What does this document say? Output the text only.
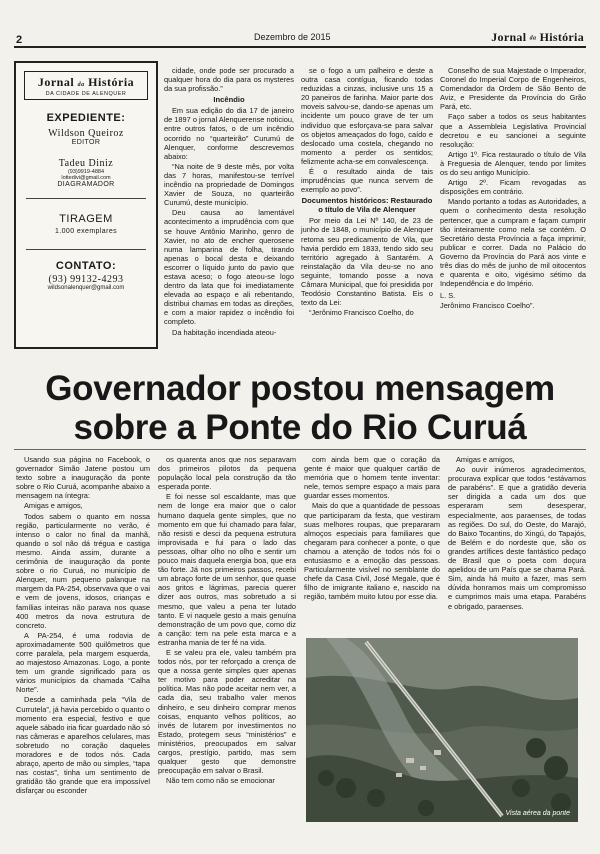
2	Dezembro de 2015	Jornal da História
Jornal da História
DA CIDADE DE ALENQUER
EXPEDIENTE:
Wildson Queiroz
EDITOR
Tadeu Diniz
(93)9919-4884
lottedivi@gmail.com
DIAGRAMADOR
TIRAGEM
1.000 exemplares
CONTATO:
(93) 99132-4293
wildsonalenquer@gmail.com

cidade, onde pode ser procurado a qualquer hora do dia para os mysteres da sua profissão.”

Incêndio

Em sua edição do dia 17 de janeiro de 1897 o jornal Alenquerense noticiou, entre outros fatos, o de um incêndio ocorrido no “quarteirão” Curumú de Alenquer, conforme descrevemos abaixo:

“Na noite de 9 deste mês, por volta das 7 horas, manifestou-se terrível incêndio na propriedade de Domingos Xavier de Souza, no quarteirão Curumú, deste município.

Deu causa ao lamentável acontecimento a imprudência com que se houve Antônio Marinho, genro de Xavier, no ato de encher querosene numa lamparina de folha, tirando apenas o bocal desta e deixando escorrer o líquido junto do pavio que estava aceso; o fogo ateou-se logo dentro da lata que foi imediatamente elevada ao espaço e ali rebentando, distribui chamas em todas as direções, e com a maior rapidez o incêndio foi completo.

Da habitação incendiada ateou-

se o fogo a um palheiro e deste a outra casa contígua, ficando todas reduzidas a cinzas, inclusive uns 15 a 20 paneiros de farinha. Maior parte dos moveis salvou-se, dando-se apenas um incidente um pouco grave de ter um indivíduo que esforçava-se para salvar os objetos ameaçados do fogo, caído e deslocado uma costela, chegando no momento a perder os sentidos; felizmente acha-se em convalescença.

É o resultado ainda de tais imprudências que nunca servem de exemplo ao povo”.

Documentos históricos: Restaurado o título de Vila de Alenquer

Por meio da Lei Nº 140, de 23 de junho de 1848, o município de Alenquer retoma seu predicamento de Vila, que havia perdido em 1833, tendo sido seu território agregado à Santarém. A reinstalação da Vila deu-se no ano seguinte, tomando posse a nova Câmara Municipal, que foi presidida por Teodósio Constantino Batista. Eis o texto da Lei:

“Jerônimo Francisco Coelho, do

Conselho de sua Majestade o Imperador, Coronel do Imperial Corpo de Engenheiros, Comendador da Ordem de São Bento de Aviz, e Presidente da Província do Grão Pará, etc.

Faço saber a todos os seus habitantes que a Assembleia Legislativa Provincial decretou e eu sancionei a seguinte resolução:

Artigo 1º. Fica restaurado o título de Vila à Freguesia de Alenquer, tendo por limites os do seu antigo Município.

Artigo 2º. Ficam revogadas as disposições em contrário.

Mando portanto a todas as Autoridades, a quem o conhecimento desta resolução pertencer, que a cumpram e façam cumprir tão inteiramente como nela se contém. O Secretário desta Província a faça imprimir, publicar e correr. Dada no Palácio do Governo da Província do Pará aos vinte e três dias do mês de junho de mil oitocentos e quarenta e oito, vigésimo sétimo da Independência e do Império.

L. S.

Jerônimo Francisco Coelho”.

Governador postou mensagem
sobre a Ponte do Rio Curuá

Usando sua página no Facebook, o governador Simão Jatene postou um texto sobre a inauguração da ponte sobre o Rio Curuá, acompanhe abaixo a mensagem na íntegra:

Amigas e amigos,

Todos sabem o quanto em nossa região, particularmente no verão, é intenso o calor no final da manhã, quando o sol não dá trégua e castiga mesmo. Ainda assim, durante a cerimônia de inauguração da ponte sobre o rio Curuá, no município de Alenquer, num pequeno palanque na margem da PA-254, observava que o vai e vem de jovens, idosos, crianças e famílias inteiras não parava nos quase 400 metros da nova estrutura de concreto.

A PA-254, é uma rodovia de aproximadamente 500 quilômetros que corre paralela, pela margem esquerda, ao majestoso Amazonas. Logo, a ponte tem um grande significado para os vários municípios da chamada “Calha Norte”.

Desde a caminhada pela “Vila de Currutela”, já havia percebido o quanto o momento era especial, festivo e que aquele sábado iria ficar guardado não só nas câmeras e aparelhos celulares, mas sobretudo no coração daqueles moradores e de todos nós. Cada abraço, aperto de mão ou simples, “tapa nas costas”, tinha um sentimento de gratidão tão grande que era impossível disfarçar ou esconder

os quarenta anos que nos separavam dos primeiros pilotos da pequena população local pela construção da tão esperada ponte.

E foi nesse sol escaldante, mas que nem de longe era maior que o calor humano daquela gente simples, que no momento em que fui chamado para falar, não resisti e desci da pequena estrutura improvisada e fui para o lado das pessoas, olhar olho no olho e sentir um pouco mais daquela energia boa, que era tão forte. Já nos primeiros passos, recebi um abraço forte de um senhor, que quase aos gritos e lágrimas, parecia querer dizer aos outros, mas sobretudo a si mesmo, que valeu a pena ter lutado tanto. E vi naquele gesto a mais genuína demonstração de um povo que, como diz a canção: tem na pele esta marca e a estranha mania de ter fé na vida.

E se valeu pra ele, valeu também pra todos nós, por ter reforçado a crença de que a nossa gente simples quer apenas ter motivo para poder acreditar na política. Mas não pode aceitar nem ver, a cada dia, seu trabalho valer menos dinheiro, e seu dinheiro comprar menos coisas, enquanto velhos políticos, ao invés de lutarem por investimentos no Estado, protegem seus “ministérios” e ministérios, preocupados em salvar cargos, prestígio, partido, mas sem qualquer gesto que demonstre preocupação em salvar o Brasil.

Não tem como não se emocionar

com ainda bem que o coração da gente é maior que qualquer cartão de memória que o homem tente inventar: nele, temos sempre espaço a mais para guardar esses momentos.

Mais do que a quantidade de pessoas que participaram da festa, que vestiram suas melhores roupas, que prepararam almoços especiais para familiares que chegaram para conhecer a ponte, o que chamou a atenção de todos nós foi o entusiasmo e a emoção das pessoas. Particularmente visível no semblante do chefe da Casa Civil, José Megale, que é filho de imigrante italiano e, nascido na região, também muito lutou por esse dia.

Amigas e amigos,

Ao ouvir inúmeros agradecimentos, procurava explicar que todos “estávamos de parabéns”. E que a gratidão deveria ser dirigida a cada um dos que esperaram sem desesperar, especialmente, aos paraenses, de todas as regiões. Do sul, do Oeste, do Marajó, do Baixo Tocantins, do Xingú, do Tapajós, de Belém e do nordeste que, são os grandes artífices deste fantástico pedaço de Brasil que o poeta com doçura apelidou de um País que se chama Pará. Sim, ainda há muito a fazer, mas sem dúvida honramos mais um compromisso e cumprimos mais uma etapa. Parabéns e obrigado, paraenses.

Vista aérea da ponte
